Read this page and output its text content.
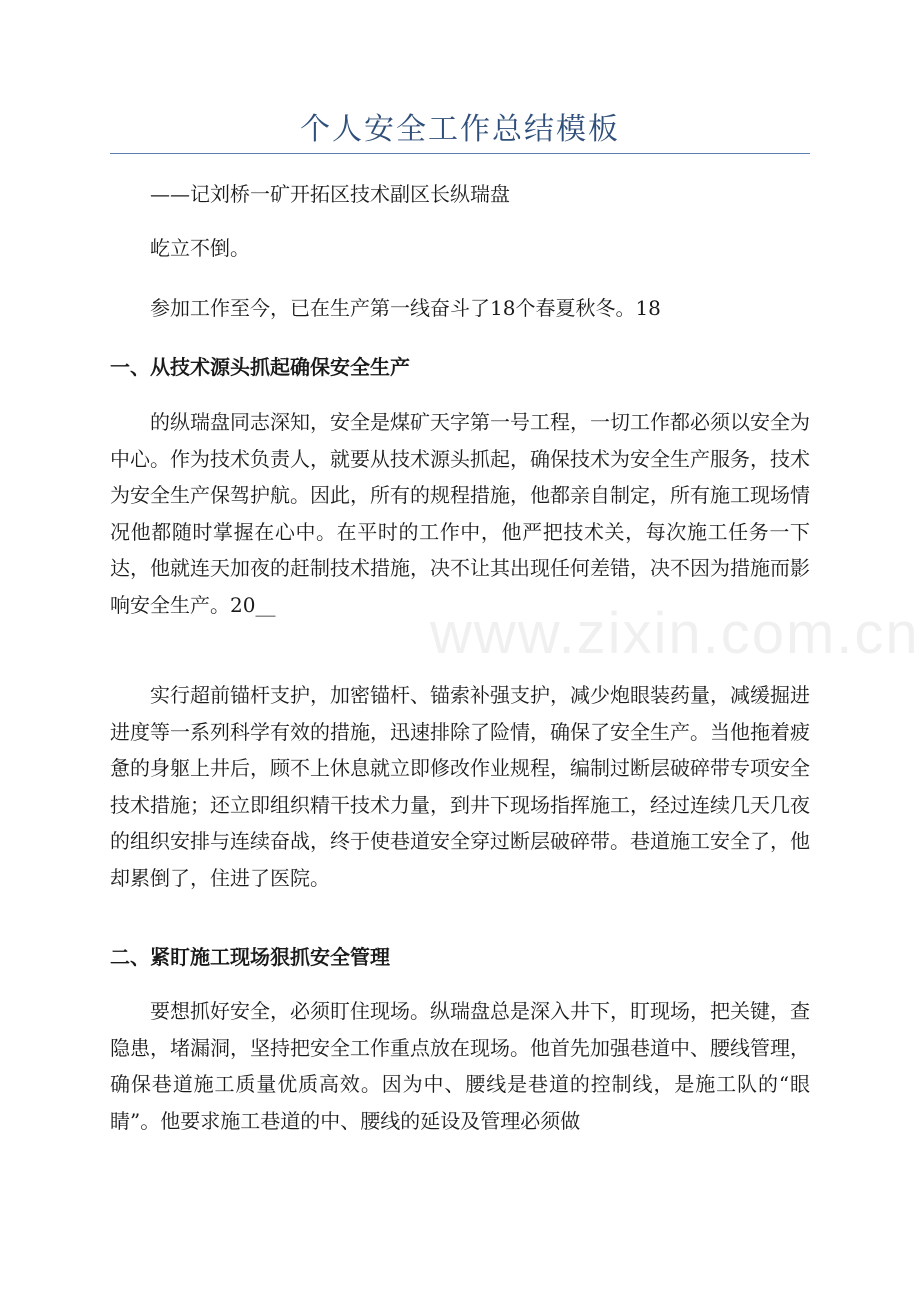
个人安全工作总结模板

——记刘桥一矿开拓区技术副区长纵瑞盘

屹立不倒。

参加工作至今，已在生产第一线奋斗了18个春夏秋冬。18

一、从技术源头抓起确保安全生产

的纵瑞盘同志深知，安全是煤矿天字第一号工程，一切工作都必须以安全为中心。作为技术负责人，就要从技术源头抓起，确保技术为安全生产服务，技术为安全生产保驾护航。因此，所有的规程措施，他都亲自制定，所有施工现场情况他都随时掌握在心中。在平时的工作中，他严把技术关，每次施工任务一下达，他就连天加夜的赶制技术措施，决不让其出现任何差错，决不因为措施而影响安全生产。20__

实行超前锚杆支护，加密锚杆、锚索补强支护，减少炮眼装药量，减缓掘进进度等一系列科学有效的措施，迅速排除了险情，确保了安全生产。当他拖着疲惫的身躯上井后，顾不上休息就立即修改作业规程，编制过断层破碎带专项安全技术措施；还立即组织精干技术力量，到井下现场指挥施工，经过连续几天几夜的组织安排与连续奋战，终于使巷道安全穿过断层破碎带。巷道施工安全了，他却累倒了，住进了医院。

二、紧盯施工现场狠抓安全管理

要想抓好安全，必须盯住现场。纵瑞盘总是深入井下，盯现场，把关键，查隐患，堵漏洞，坚持把安全工作重点放在现场。他首先加强巷道中、腰线管理，确保巷道施工质量优质高效。因为中、腰线是巷道的控制线，是施工队的“眼睛”。他要求施工巷道的中、腰线的延设及管理必须做

www.zixin.com.cn
